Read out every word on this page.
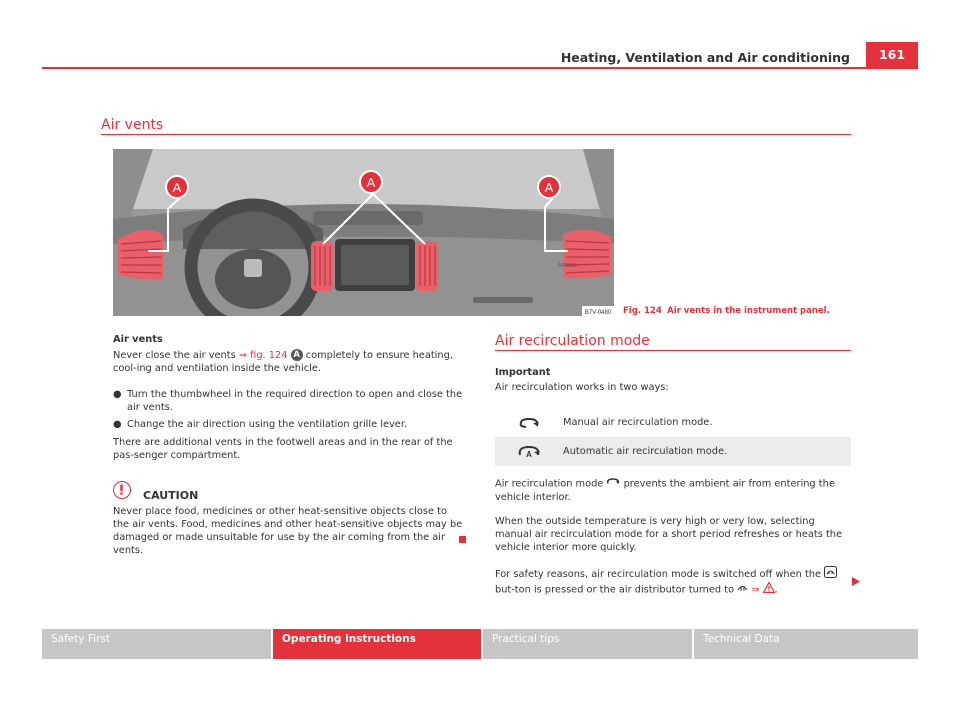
Heating, Ventilation and Air conditioning	161
Air vents
AIRBAG
A	A	A
B7V-0480 Fig. 124 Air vents in the instrument panel.
Air vents
Never close the air vents ⇒ fig. 124 A completely to ensure heating, cool-ing and ventilation inside the vehicle.
● Turn the thumbwheel in the required direction to open and close the air vents.
● Change the air direction using the ventilation grille lever.
There are additional vents in the footwell areas and in the rear of the pas-senger compartment.
CAUTION
Never place food, medicines or other heat-sensitive objects close to the air vents. Food, medicines and other heat-sensitive objects may be damaged or made unsuitable for use by the air coming from the air vents.
Air recirculation mode
Important
Air recirculation works in two ways:
Manual air recirculation mode.
A	Automatic air recirculation mode.
Air recirculation mode prevents the ambient air from entering the vehicle interior.
When the outside temperature is very high or very low, selecting manual air recirculation mode for a short period refreshes or heats the vehicle interior more quickly.
For safety reasons, air recirculation mode is switched off when the  but-ton is pressed or the air distributor turned to ⇒ .
Safety First	Operating instructions	Practical tips	Technical Data
